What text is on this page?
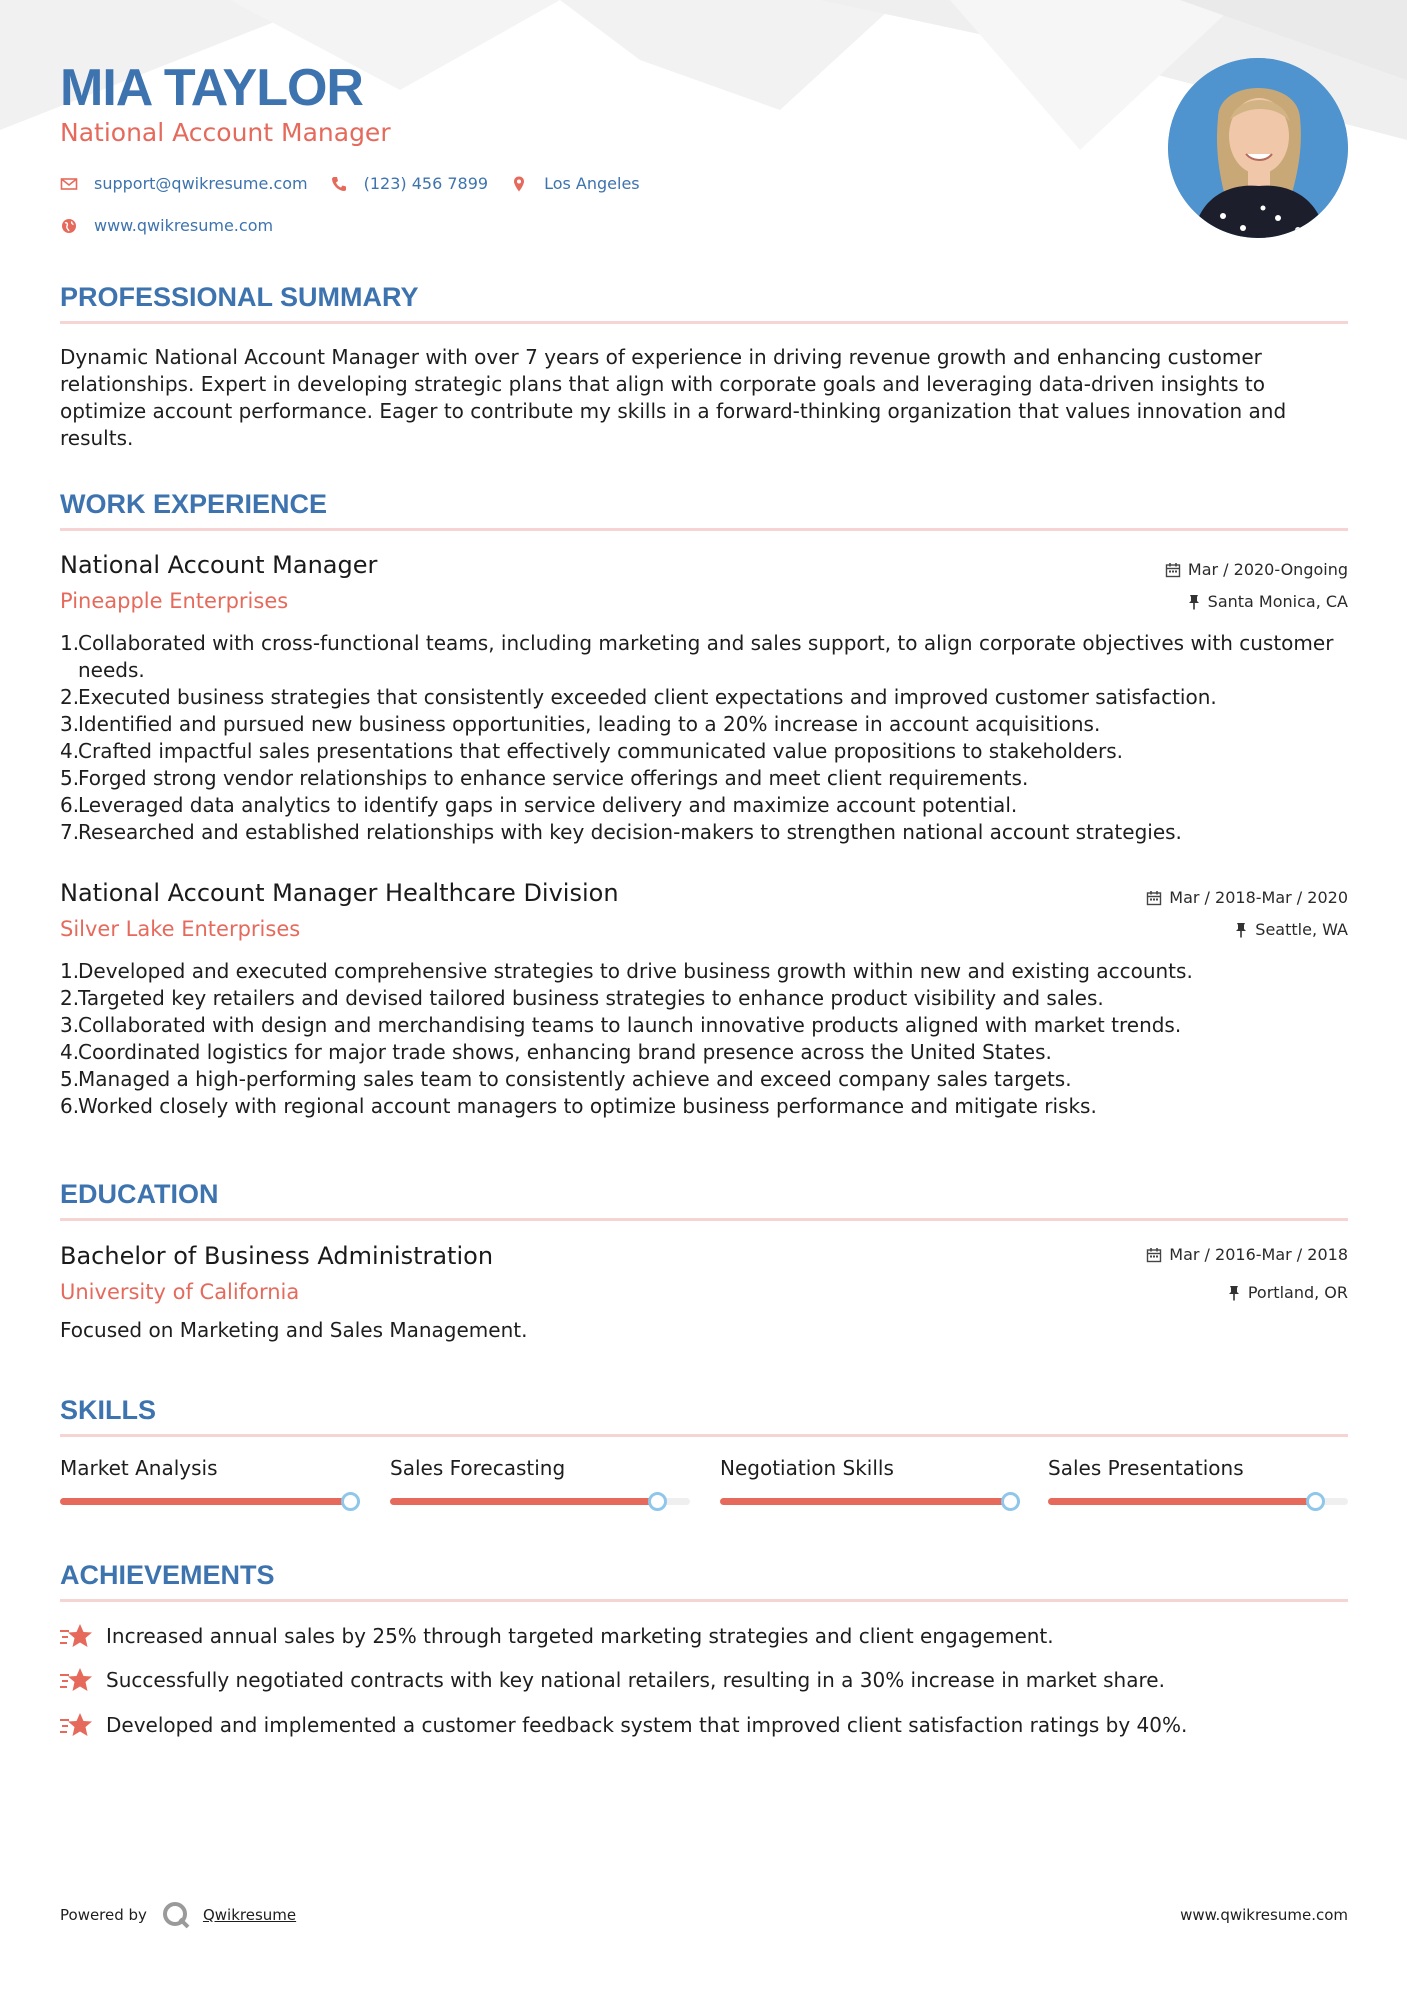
MIA TAYLOR
National Account Manager
support@qwikresume.com	(123) 456 7899	Los Angeles
www.qwikresume.com
PROFESSIONAL SUMMARY
Dynamic National Account Manager with over 7 years of experience in driving revenue growth and enhancing customer relationships. Expert in developing strategic plans that align with corporate goals and leveraging data-driven insights to optimize account performance. Eager to contribute my skills in a forward-thinking organization that values innovation and results.
WORK EXPERIENCE
National Account Manager
Pineapple Enterprises
Mar / 2020-Ongoing
Santa Monica, CA
Collaborated with cross-functional teams, including marketing and sales support, to align corporate objectives with customer needs.
Executed business strategies that consistently exceeded client expectations and improved customer satisfaction.
Identified and pursued new business opportunities, leading to a 20% increase in account acquisitions.
Crafted impactful sales presentations that effectively communicated value propositions to stakeholders.
Forged strong vendor relationships to enhance service offerings and meet client requirements.
Leveraged data analytics to identify gaps in service delivery and maximize account potential.
Researched and established relationships with key decision-makers to strengthen national account strategies.
National Account Manager Healthcare Division
Silver Lake Enterprises
Mar / 2018-Mar / 2020
Seattle, WA
Developed and executed comprehensive strategies to drive business growth within new and existing accounts.
Targeted key retailers and devised tailored business strategies to enhance product visibility and sales.
Collaborated with design and merchandising teams to launch innovative products aligned with market trends.
Coordinated logistics for major trade shows, enhancing brand presence across the United States.
Managed a high-performing sales team to consistently achieve and exceed company sales targets.
Worked closely with regional account managers to optimize business performance and mitigate risks.
EDUCATION
Bachelor of Business Administration
University of California
Mar / 2016-Mar / 2018
Portland, OR
Focused on Marketing and Sales Management.
SKILLS
Market Analysis	Sales Forecasting	Negotiation Skills	Sales Presentations
ACHIEVEMENTS
Increased annual sales by 25% through targeted marketing strategies and client engagement.
Successfully negotiated contracts with key national retailers, resulting in a 30% increase in market share.
Developed and implemented a customer feedback system that improved client satisfaction ratings by 40%.
Powered by	Qwikresume	www.qwikresume.com
